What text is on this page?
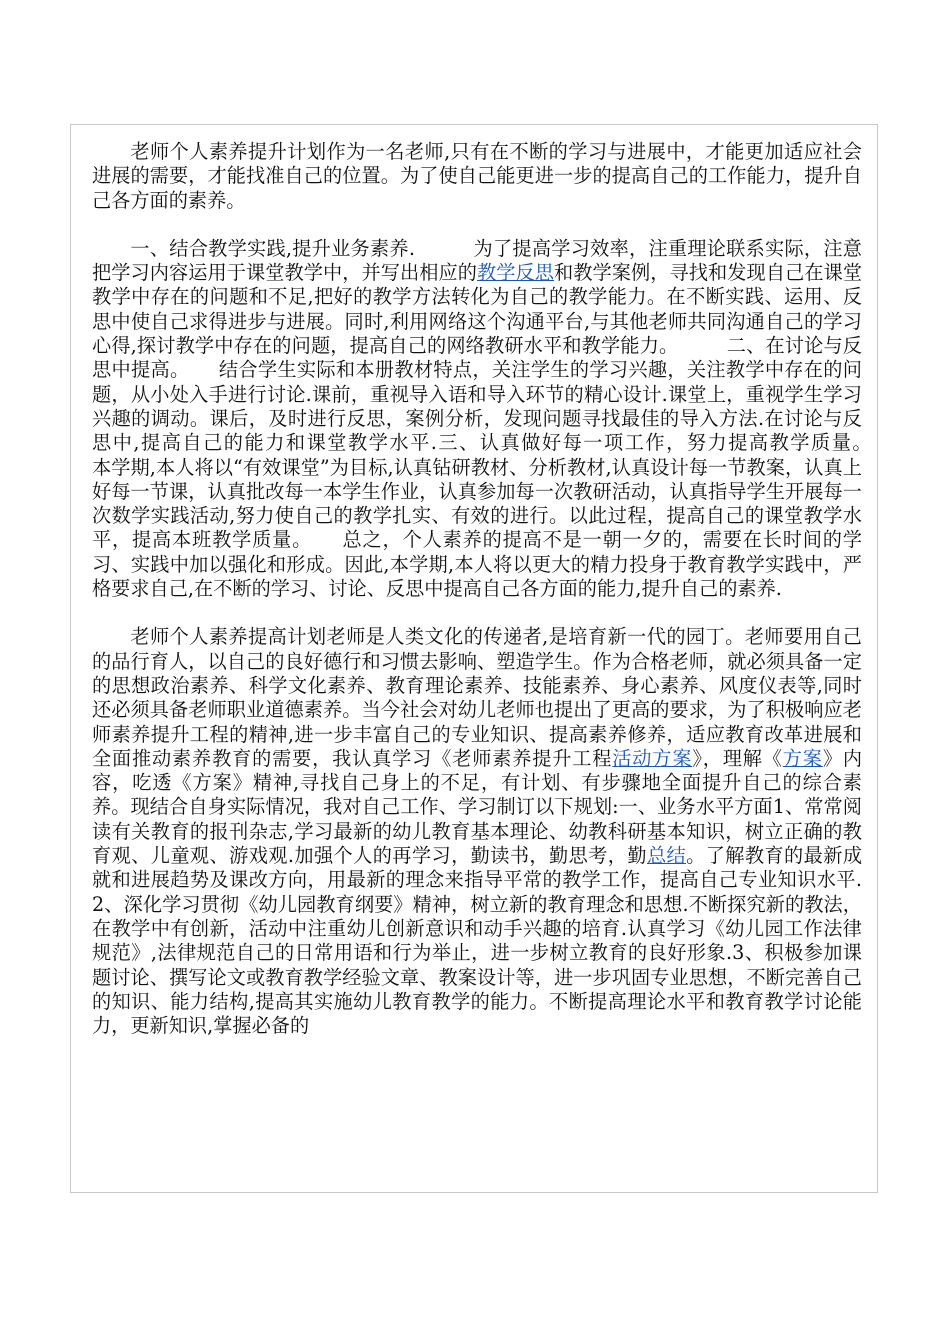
老师个人素养提升计划作为一名老师,只有在不断的学习与进展中，才能更加适应社会进展的需要，才能找准自己的位置。为了使自己能更进一步的提高自己的工作能力，提升自己各方面的素养。

一、结合教学实践,提升业务素养.　　　为了提高学习效率，注重理论联系实际，注意把学习内容运用于课堂教学中，并写出相应的教学反思和教学案例，寻找和发现自己在课堂教学中存在的问题和不足,把好的教学方法转化为自己的教学能力。在不断实践、运用、反思中使自己求得进步与进展。同时,利用网络这个沟通平台,与其他老师共同沟通自己的学习心得,探讨教学中存在的问题，提高自己的网络教研水平和教学能力。　　　二、在讨论与反思中提高。　　结合学生实际和本册教材特点，关注学生的学习兴趣，关注教学中存在的问题，从小处入手进行讨论.课前，重视导入语和导入环节的精心设计.课堂上，重视学生学习兴趣的调动。课后，及时进行反思，案例分析，发现问题寻找最佳的导入方法.在讨论与反思中,提高自己的能力和课堂教学水平.三、认真做好每一项工作，努力提高教学质量。　　本学期,本人将以“有效课堂”为目标,认真钻研教材、分析教材,认真设计每一节教案，认真上好每一节课，认真批改每一本学生作业，认真参加每一次教研活动，认真指导学生开展每一次数学实践活动,努力使自己的教学扎实、有效的进行。以此过程，提高自己的课堂教学水平，提高本班教学质量。　　总之，个人素养的提高不是一朝一夕的，需要在长时间的学习、实践中加以强化和形成。因此,本学期,本人将以更大的精力投身于教育教学实践中，严格要求自己,在不断的学习、讨论、反思中提高自己各方面的能力,提升自己的素养.

老师个人素养提高计划老师是人类文化的传递者,是培育新一代的园丁。老师要用自己的品行育人，以自己的良好德行和习惯去影响、塑造学生。作为合格老师，就必须具备一定的思想政治素养、科学文化素养、教育理论素养、技能素养、身心素养、风度仪表等,同时还必须具备老师职业道德素养。当今社会对幼儿老师也提出了更高的要求，为了积极响应老师素养提升工程的精神,进一步丰富自己的专业知识、提高素养修养，适应教育改革进展和全面推动素养教育的需要，我认真学习《老师素养提升工程活动方案》，理解《方案》内容，吃透《方案》精神,寻找自己身上的不足，有计划、有步骤地全面提升自己的综合素养。现结合自身实际情况，我对自己工作、学习制订以下规划:一、业务水平方面1、常常阅读有关教育的报刊杂志,学习最新的幼儿教育基本理论、幼教科研基本知识，树立正确的教育观、儿童观、游戏观.加强个人的再学习，勤读书，勤思考，勤总结。了解教育的最新成就和进展趋势及课改方向，用最新的理念来指导平常的教学工作，提高自己专业知识水平.2、深化学习贯彻《幼儿园教育纲要》精神，树立新的教育理念和思想.不断探究新的教法，在教学中有创新，活动中注重幼儿创新意识和动手兴趣的培育.认真学习《幼儿园工作法律规范》,法律规范自己的日常用语和行为举止，进一步树立教育的良好形象.3、积极参加课题讨论、撰写论文或教育教学经验文章、教案设计等，进一步巩固专业思想，不断完善自己的知识、能力结构,提高其实施幼儿教育教学的能力。不断提高理论水平和教育教学讨论能力，更新知识,掌握必备的
